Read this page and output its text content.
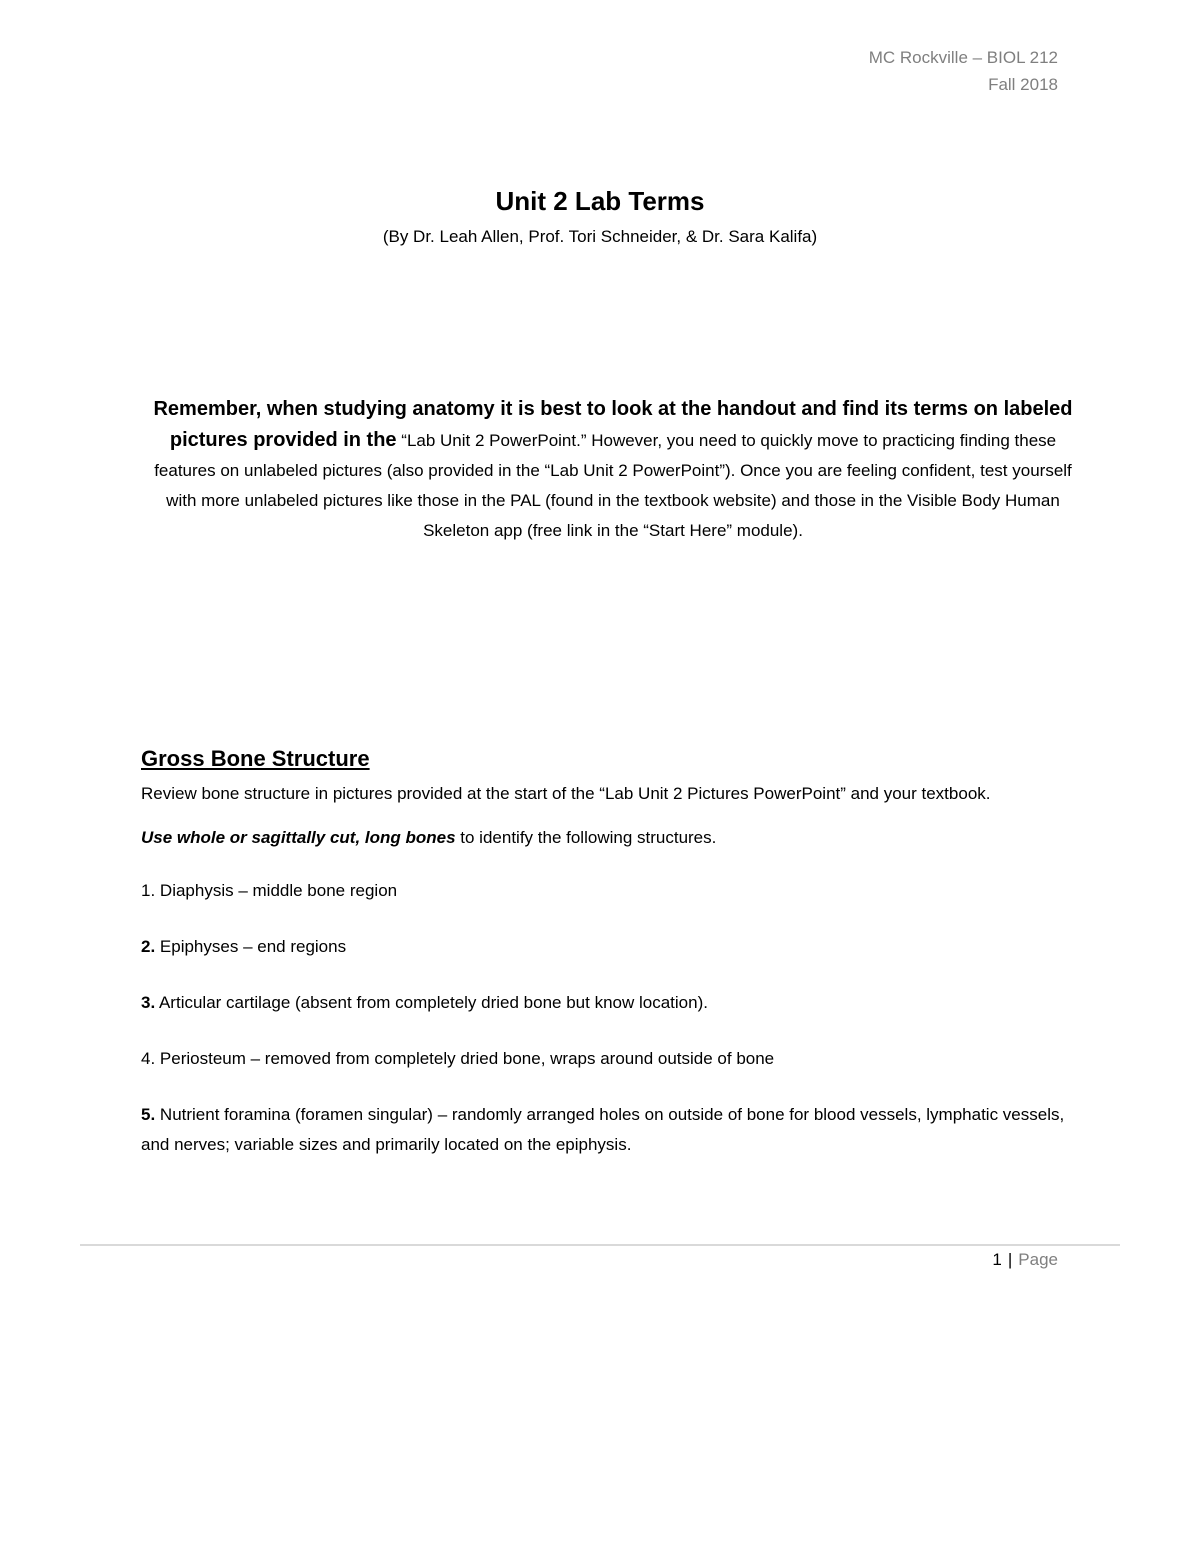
MC Rockville – BIOL 212
Fall 2018
Unit 2 Lab Terms
(By Dr. Leah Allen, Prof. Tori Schneider, & Dr. Sara Kalifa)
Remember, when studying anatomy it is best to look at the handout and find its terms on labeled pictures provided in the “Lab Unit 2 PowerPoint.” However, you need to quickly move to practicing finding these features on unlabeled pictures (also provided in the “Lab Unit 2 PowerPoint”). Once you are feeling confident, test yourself with more unlabeled pictures like those in the PAL (found in the textbook website) and those in the Visible Body Human Skeleton app (free link in the “Start Here” module).
Gross Bone Structure

Review bone structure in pictures provided at the start of the “Lab Unit 2 Pictures PowerPoint” and your textbook.

Use whole or sagittally cut, long bones to identify the following structures.

1. Diaphysis – middle bone region

2. Epiphyses – end regions

3. Articular cartilage (absent from completely dried bone but know location).

4. Periosteum – removed from completely dried bone, wraps around outside of bone

5. Nutrient foramina (foramen singular) – randomly arranged holes on outside of bone for blood vessels, lymphatic vessels, and nerves; variable sizes and primarily located on the epiphysis.

1 | Page
